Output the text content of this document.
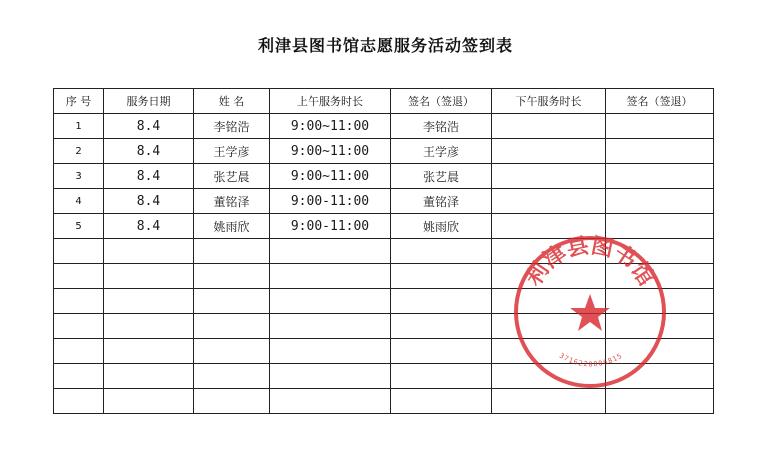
利津县图书馆志愿服务活动签到表
序 号	服务日期	姓 名	上午服务时长	签名（签退）	下午服务时长	签名（签退）
1	8.4	李铭浩	9:00~11:00	李铭浩		
2	8.4	王学彦	9:00~11:00	王学彦		
3	8.4	张艺晨	9:00~11:00	张艺晨		
4	8.4	董铭泽	9:00-11:00	董铭泽		
5	8.4	姚雨欣	9:00-11:00	姚雨欣		

利津县图书馆
3716220006815
